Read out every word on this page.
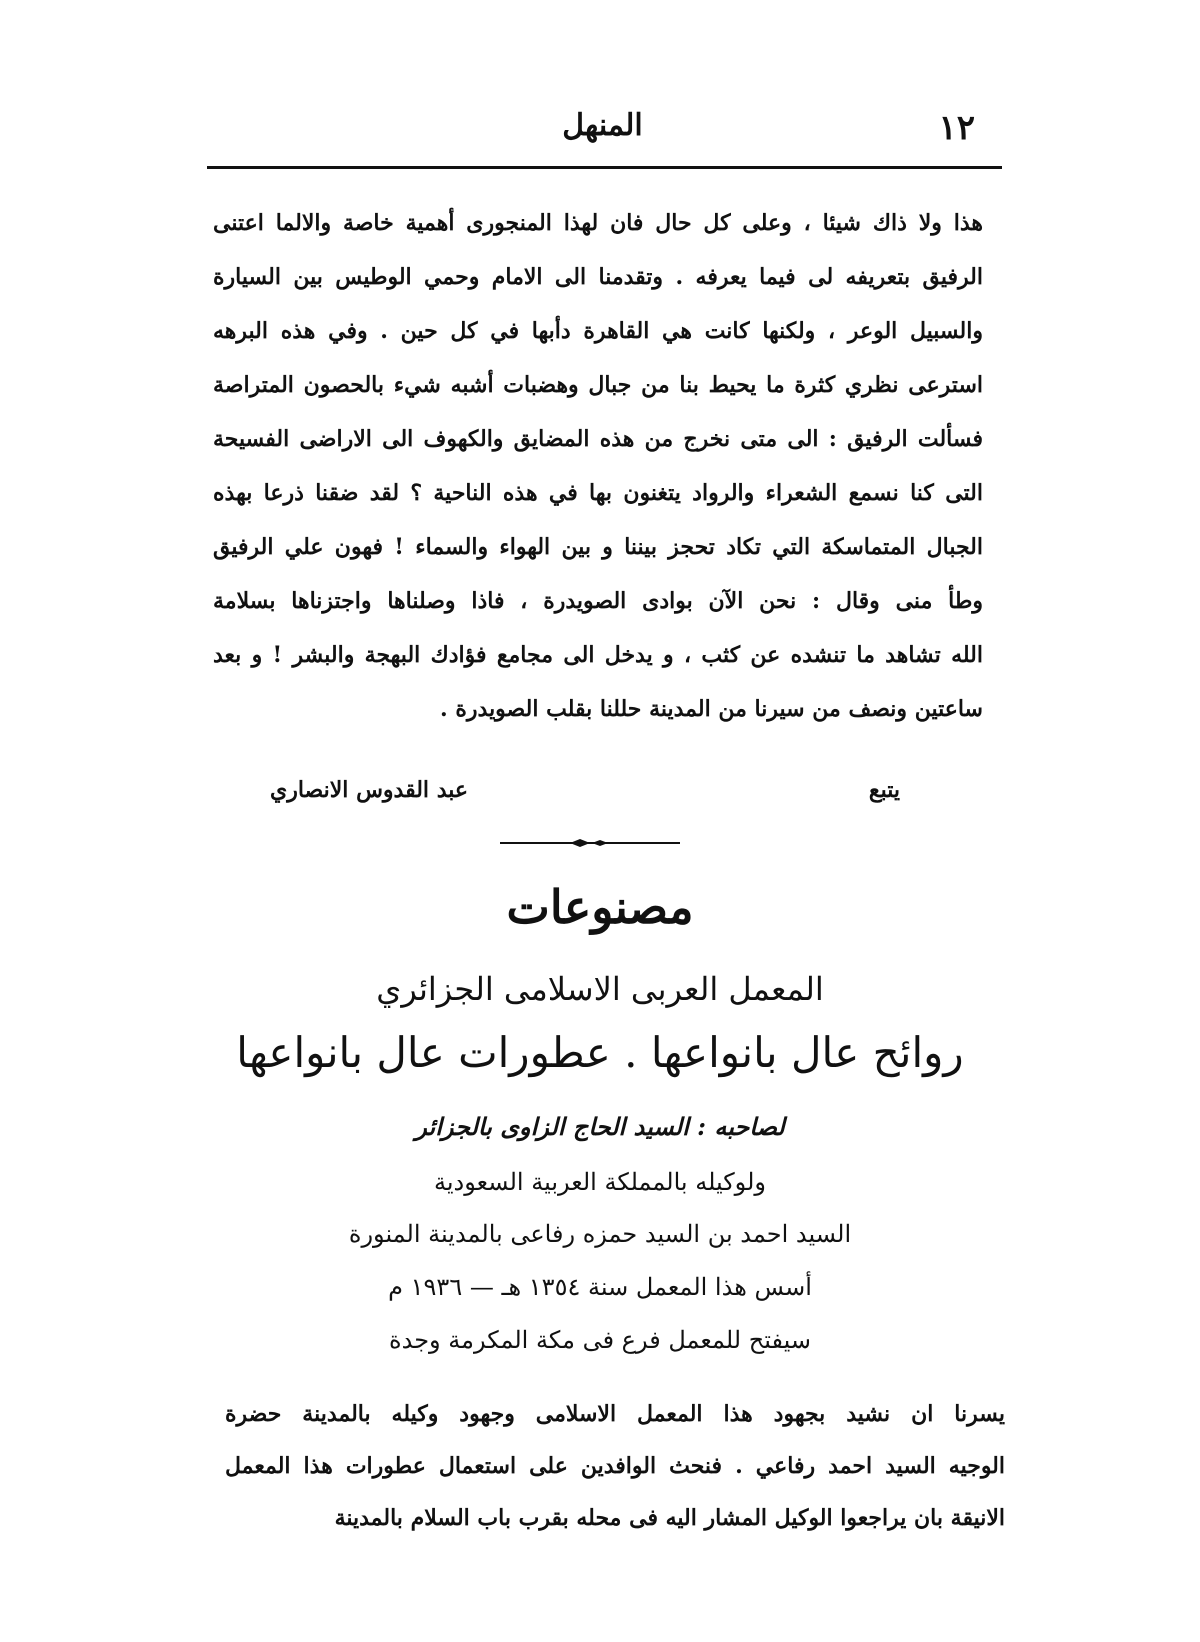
١٢
المنهل
هذا ولا ذاك شيئا ، وعلى كل حال فان لهذا المنجورى أهمية خاصة والالما اعتنى
الرفيق بتعريفه لى فيما يعرفه . وتقدمنا الى الامام وحمي الوطيس بين السيارة
والسبيل الوعر ، ولكنها كانت هي القاهرة دأبها في كل حين . وفي هذه البرهه
استرعى نظري كثرة ما يحيط بنا من جبال وهضبات أشبه شيء بالحصون المتراصة
فسألت الرفيق : الى متى نخرج من هذه المضايق والكهوف الى الاراضى الفسيحة
التى كنا نسمع الشعراء والرواد يتغنون بها في هذه الناحية ؟ لقد ضقنا ذرعا بهذه
الجبال المتماسكة التي تكاد تحجز بيننا و بين الهواء والسماء ! فهون علي الرفيق
وطأ منى وقال : نحن الآن بوادى الصويدرة ، فاذا وصلناها واجتزناها بسلامة
الله تشاهد ما تنشده عن كثب ، و يدخل الى مجامع فؤادك البهجة والبشر ! و بعد
ساعتين ونصف من سيرنا من المدينة حللنا بقلب الصويدرة .
يتبع
عبد القدوس الانصاري
مصنوعات
المعمل العربى الاسلامى الجزائري
روائح عال بانواعها . عطورات عال بانواعها
لصاحبه : السيد الحاج الزاوى بالجزائر
ولوكيله بالمملكة العربية السعودية
السيد احمد بن السيد حمزه رفاعى بالمدينة المنورة
أسس هذا المعمل سنة ١٣٥٤ هـ — ١٩٣٦ م
سيفتح للمعمل فرع فى مكة المكرمة وجدة
يسرنا ان نشيد بجهود هذا المعمل الاسلامى وجهود وكيله بالمدينة حضرة
الوجيه السيد احمد رفاعي . فنحث الوافدين على استعمال عطورات هذا المعمل
الانيقة بان يراجعوا الوكيل المشار اليه فى محله بقرب باب السلام بالمدينة
